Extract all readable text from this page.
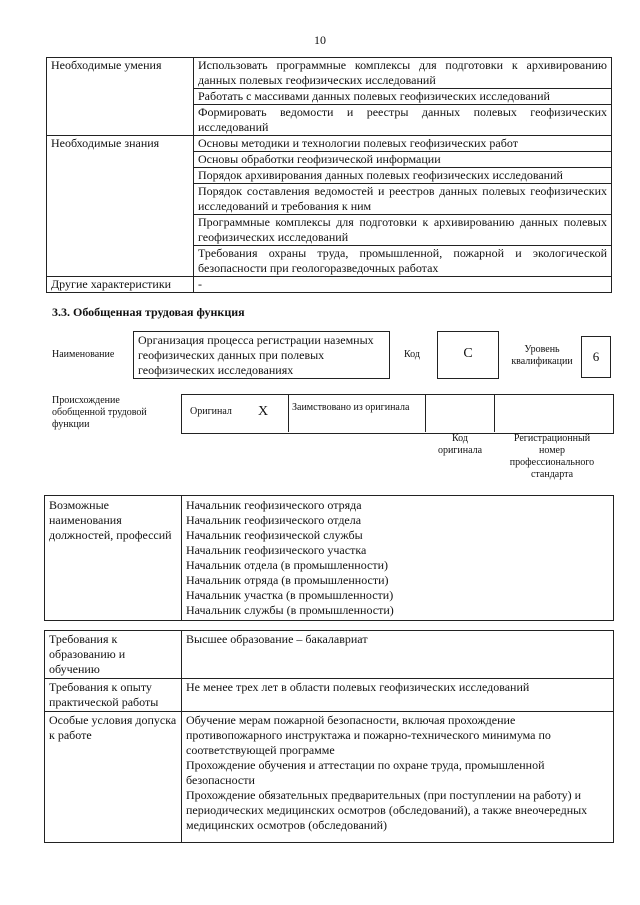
10
Необходимые умения	Использовать программные комплексы для подготовки к архивированию данных полевых геофизических исследований
	Работать с массивами данных полевых геофизических исследований
	Формировать ведомости и реестры данных полевых геофизических исследований
Необходимые знания	Основы методики и технологии полевых геофизических работ
	Основы обработки геофизической информации
	Порядок архивирования данных полевых геофизических исследований
	Порядок составления ведомостей и реестров данных полевых геофизических исследований и требования к ним
	Программные комплексы для подготовки к архивированию данных полевых геофизических исследований
	Требования охраны труда, промышленной, пожарной и экологической безопасности при геологоразведочных работах
Другие характеристики	-
3.3. Обобщенная трудовая функция
Наименование
Организация процесса регистрации наземных геофизических данных при полевых геофизических исследованиях
Код	C	Уровень квалификации	6
Происхождение обобщенной трудовой функции
Оригинал X Заимствовано из оригинала
Код оригинала
Регистрационный номер профессионального стандарта
Возможные наименования должностей, профессий	
Начальник геофизического отряда
Начальник геофизического отдела
Начальник геофизической службы
Начальник геофизического участка
Начальник отдела (в промышленности)
Начальник отряда (в промышленности)
Начальник участка (в промышленности)
Начальник службы (в промышленности)
Требования к образованию и обучению	Высшее образование – бакалавриат
Требования к опыту практической работы	Не менее трех лет в области полевых геофизических исследований
Особые условия допуска к работе	Обучение мерам пожарной безопасности, включая прохождение противопожарного инструктажа и пожарно-технического минимума по соответствующей программе
Прохождение обучения и аттестации по охране труда, промышленной безопасности
Прохождение обязательных предварительных (при поступлении на работу) и периодических медицинских осмотров (обследований), а также внеочередных медицинских осмотров (обследований)
